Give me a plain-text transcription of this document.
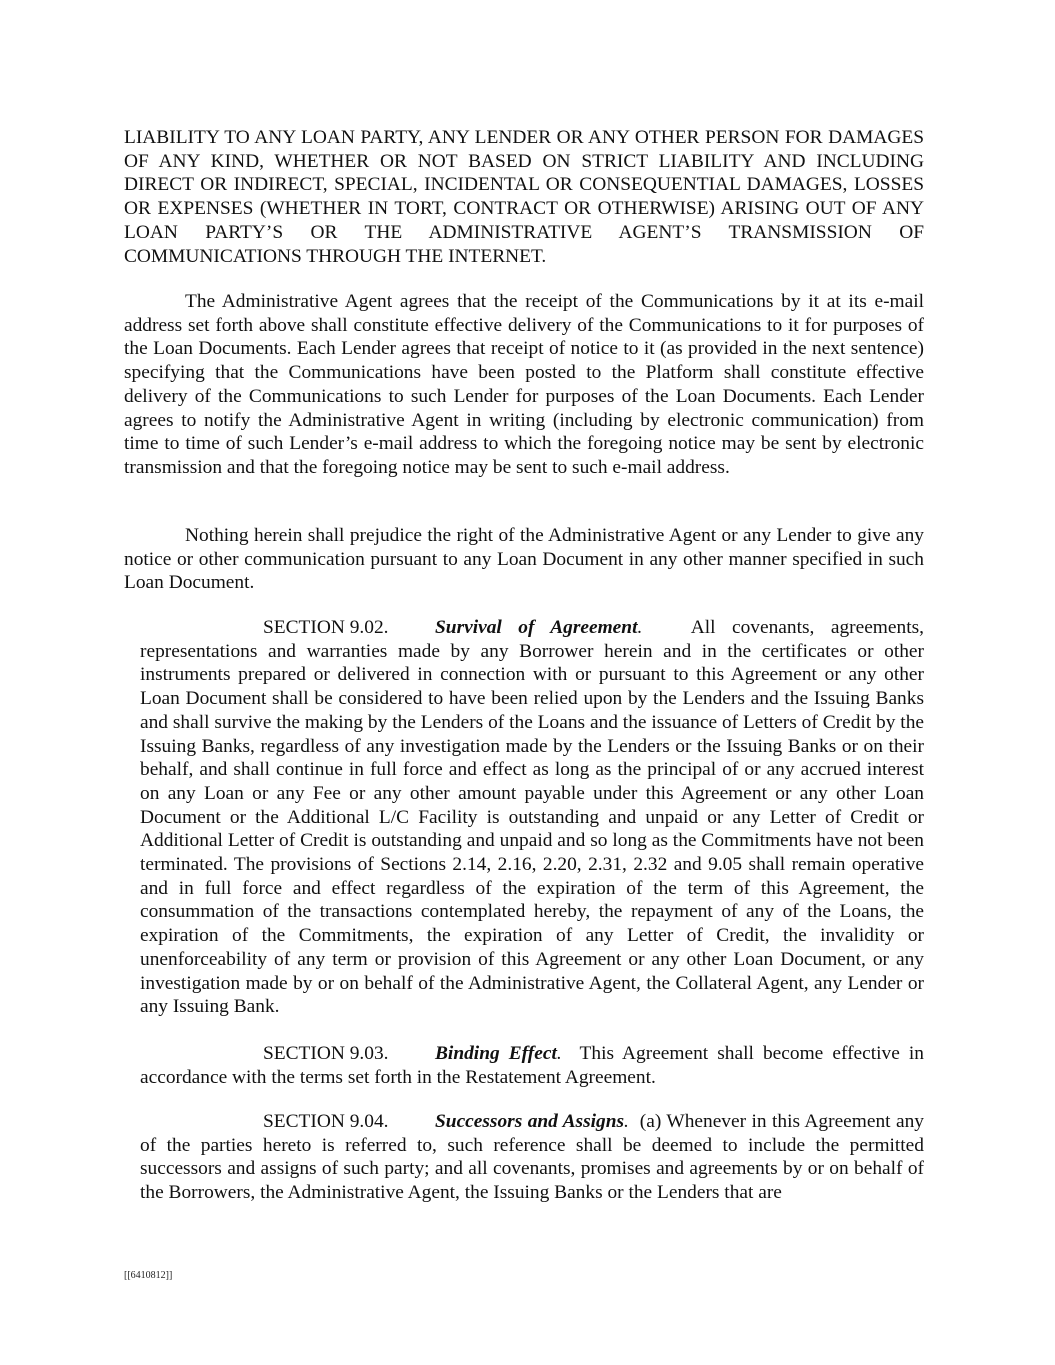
LIABILITY TO ANY LOAN PARTY, ANY LENDER OR ANY OTHER PERSON FOR DAMAGES OF ANY KIND, WHETHER OR NOT BASED ON STRICT LIABILITY AND INCLUDING DIRECT OR INDIRECT, SPECIAL, INCIDENTAL OR CONSEQUENTIAL DAMAGES, LOSSES OR EXPENSES (WHETHER IN TORT, CONTRACT OR OTHERWISE) ARISING OUT OF ANY LOAN PARTY’S OR THE ADMINISTRATIVE AGENT’S TRANSMISSION OF COMMUNICATIONS THROUGH THE INTERNET.

The Administrative Agent agrees that the receipt of the Communications by it at its e-mail address set forth above shall constitute effective delivery of the Communications to it for purposes of the Loan Documents. Each Lender agrees that receipt of notice to it (as provided in the next sentence) specifying that the Communications have been posted to the Platform shall constitute effective delivery of the Communications to such Lender for purposes of the Loan Documents. Each Lender agrees to notify the Administrative Agent in writing (including by electronic communication) from time to time of such Lender’s e-mail address to which the foregoing notice may be sent by electronic transmission and that the foregoing notice may be sent to such e-mail address.

Nothing herein shall prejudice the right of the Administrative Agent or any Lender to give any notice or other communication pursuant to any Loan Document in any other manner specified in such Loan Document.

SECTION 9.02. Survival of Agreement. All covenants, agreements, representations and warranties made by any Borrower herein and in the certificates or other instruments prepared or delivered in connection with or pursuant to this Agreement or any other Loan Document shall be considered to have been relied upon by the Lenders and the Issuing Banks and shall survive the making by the Lenders of the Loans and the issuance of Letters of Credit by the Issuing Banks, regardless of any investigation made by the Lenders or the Issuing Banks or on their behalf, and shall continue in full force and effect as long as the principal of or any accrued interest on any Loan or any Fee or any other amount payable under this Agreement or any other Loan Document or the Additional L/C Facility is outstanding and unpaid or any Letter of Credit or Additional Letter of Credit is outstanding and unpaid and so long as the Commitments have not been terminated. The provisions of Sections 2.14, 2.16, 2.20, 2.31, 2.32 and 9.05 shall remain operative and in full force and effect regardless of the expiration of the term of this Agreement, the consummation of the transactions contemplated hereby, the repayment of any of the Loans, the expiration of the Commitments, the expiration of any Letter of Credit, the invalidity or unenforceability of any term or provision of this Agreement or any other Loan Document, or any investigation made by or on behalf of the Administrative Agent, the Collateral Agent, any Lender or any Issuing Bank.

SECTION 9.03. Binding Effect. This Agreement shall become effective in accordance with the terms set forth in the Restatement Agreement.

SECTION 9.04. Successors and Assigns. (a) Whenever in this Agreement any of the parties hereto is referred to, such reference shall be deemed to include the permitted successors and assigns of such party; and all covenants, promises and agreements by or on behalf of the Borrowers, the Administrative Agent, the Issuing Banks or the Lenders that are

[[6410812]]
